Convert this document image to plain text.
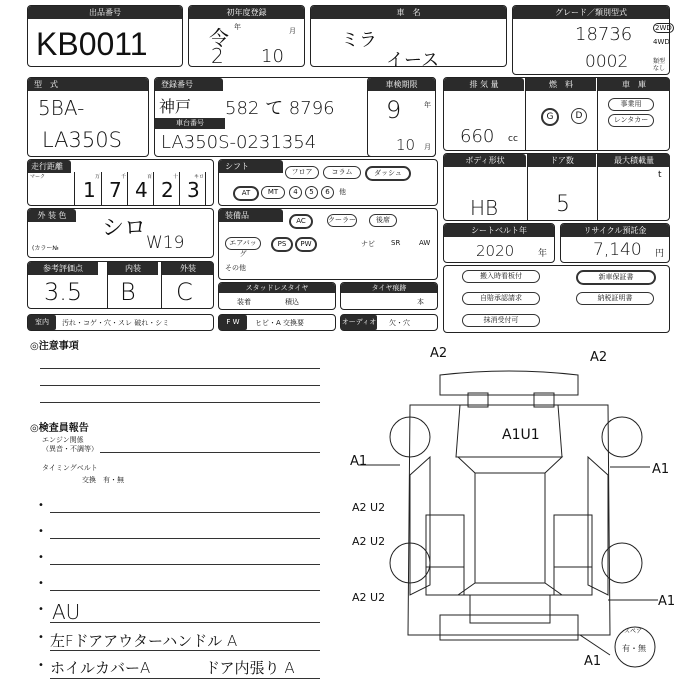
出品番号
KB0011
初年度登録
令 年
2
月
10
車　名
ミラ
イース
グレード／類別型式
18736
0002
2WD
4WD
類型
なし
型　式
5BA-
LA350S
登録番号
神戸 582 て 8796
車台番号
LA350S-0231354
車検期限
9	年
10 月
排 気 量	燃　料	車　庫
660 cc
G	D
事業用
レンタカー
走行距離
マーク	万
1
千
7
百
4
十
2
キロ
3
シフト
フロア	コラム	ダッシュ
AT	MT	4	5	6	他
ボディ形状	ドア数	最大積載量
HB	5
t
外 装 色
シロ
(カラー№	W19
装備品
AC	クーラー	後席
エアバッグ
PS	PW	ナビ SR	AW
その他
シートベルト年
2020	年
リサイクル預託金
7,140 円
参考評価点	内装	外装
3.5 B C	スタッドレスタイヤ
装着	積込
タイヤ痕跡
本
搬入時看板付	新車保証書
自賠承認請求	納税証明書
抹消受付可
室内	汚れ・コゲ・穴・スレ 破れ・シミ	F W	ヒビ・A 交換要	オーディオ 欠・穴
◎注意事項
◎検査員報告
エンジン関係
（異音・不調等）
タイミングベルト
交換　有・無
•
•
•
•
• AU
• 左Fドアアウターハンドル A
• ホイルカバーA	ドア内張り A
A2	A2
A1U1
A1
A1
A2 U2
A2 U2
A2 U2	A1
A1
スペア
有・無
